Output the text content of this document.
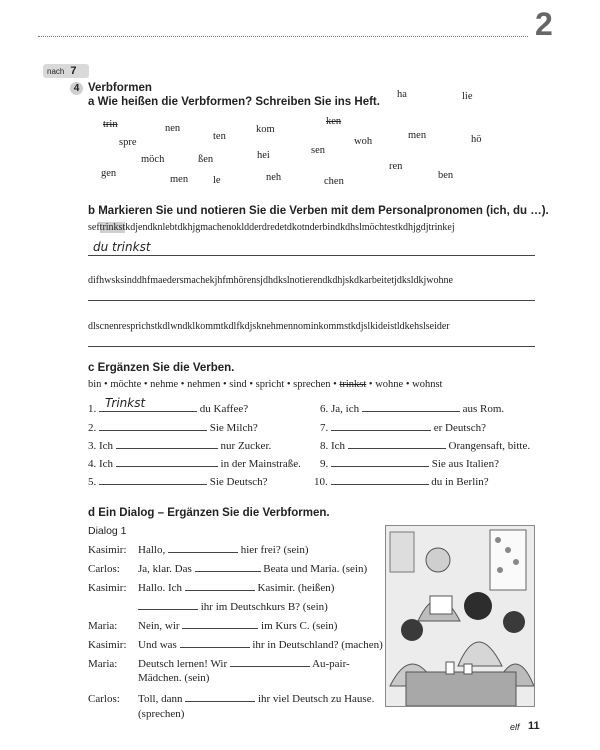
2
nach 7
4 Verbformen
a Wie heißen die Verbformen? Schreiben Sie ins Heft.
trin	nen
ten
kom
ken
ha	lie
spre
möch	ßen	hei	sen
woh
men	hö
gen
men le	neh	chen
ren
ben
b Markieren Sie und notieren Sie die Verben mit dem Personalpronomen (ich, du …).
seftrinkstkdjendknlebtdkhjgmachenokldderdredetdkotnderbindkdhslmöchtestkdhjgdjtrinkej
du trinkst
difhwsksinddhfmaedersmachekjhfmhörensjdhdkslnotierendkdhjskdkarbeitetjdksldkjwohne
dlscnenresprichstkdlwndklkommtkdlfkdjsknehmennominkommstkdjslkideistldkehslseider
c Ergänzen Sie die Verben.
bin • möchte • nehme • nehmen • sind • spricht • sprechen • trinkst • wohne • wohnst
1. Trinkst	du Kaffee?
2.	Sie Milch?
3. Ich	nur Zucker.
4. Ich	in der Mainstraße.
5.	Sie Deutsch?
6. Ja, ich	aus Rom.
7.	er Deutsch?
8. Ich	Orangensaft, bitte.
9.	Sie aus Italien?
10.	du in Berlin?
d Ein Dialog – Ergänzen Sie die Verbformen.
Dialog 1
Kasimir: Hallo,	hier frei? (sein)
Carlos: Ja, klar. Das	Beata und Maria. (sein)
Kasimir: Hallo. Ich	Kasimir. (heißen)
ihr im Deutschkurs B? (sein)
Maria: Nein, wir	im Kurs C. (sein)
Kasimir: Und was	ihr in Deutschland? (machen)
Maria: Deutsch lernen! Wir	Au-pair-
Mädchen. (sein)
Carlos: Toll, dann	ihr viel Deutsch zu Hause.
(sprechen)
elf 11
